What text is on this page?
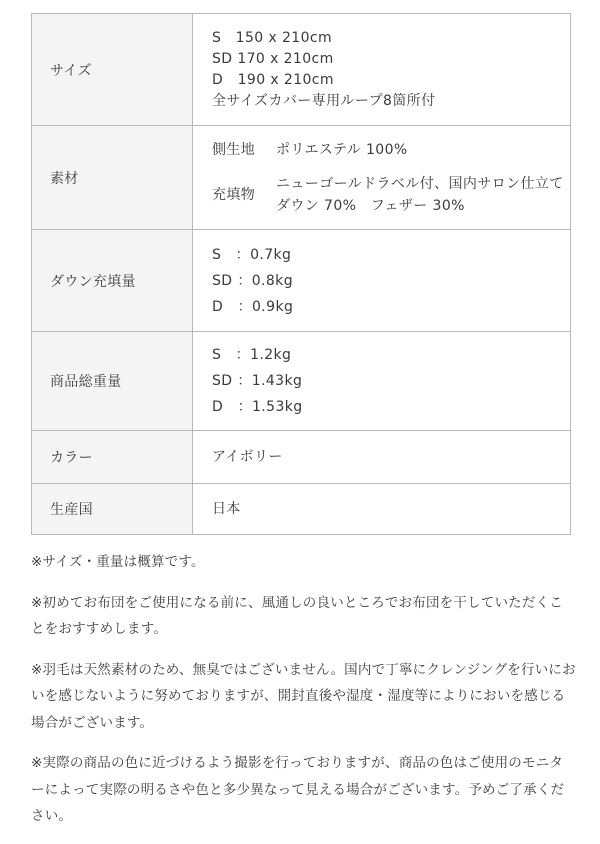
サイズ	S　150 x 210cm
SD 170 x 210cm
D　190 x 210cm
全サイズカバー専用ループ8箇所付

素材	側生地 ポリエステル 100%
充填物
ニューゴールドラベル付、国内サロン仕立て
ダウン 70%　フェザー 30%

ダウン充填量	S　：0.7kg
SD ：0.8kg
D　：0.9kg

商品総重量	S　：1.2kg
SD ：1.43kg
D　：1.53kg

カラー	アイボリー

生産国	日本

※サイズ・重量は概算です。

※初めてお布団をご使用になる前に、風通しの良いところでお布団を干していただくことをおすすめします。

※羽毛は天然素材のため、無臭ではございません。国内で丁寧にクレンジングを行いにおいを感じないように努めておりますが、開封直後や湿度・湿度等によりにおいを感じる場合がございます。

※実際の商品の色に近づけるよう撮影を行っておりますが、商品の色はご使用のモニターによって実際の明るさや色と多少異なって見える場合がございます。予めご了承ください。
